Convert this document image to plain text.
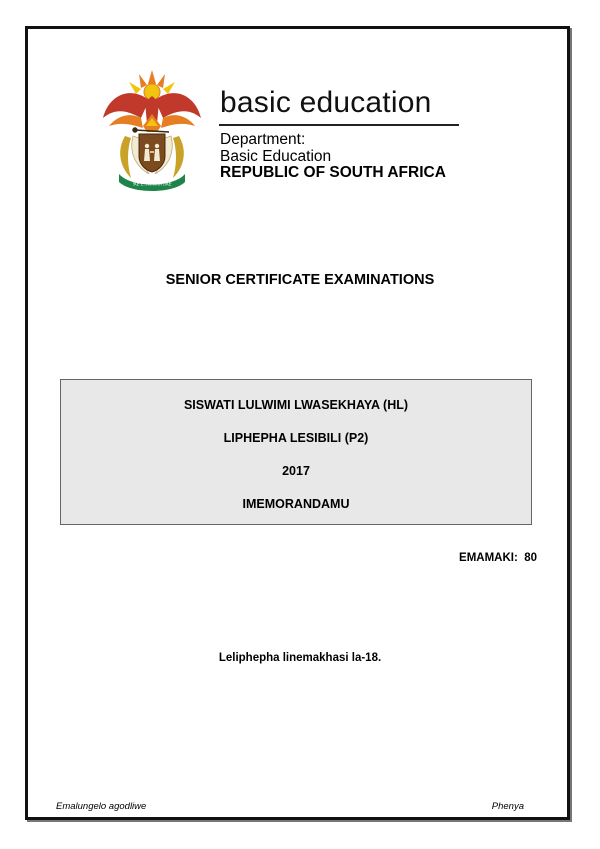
!KE E: /XARRA //KE
basic education
Department:
Basic Education
REPUBLIC OF SOUTH AFRICA
SENIOR CERTIFICATE EXAMINATIONS
SISWATI LULWIMI LWASEKHAYA (HL)
LIPHEPHA LESIBILI (P2)
2017
IMEMORANDAMU
EMAMAKI:  80
Leliphepha linemakhasi la-18.
Emalungelo agodliwe	Phenya
